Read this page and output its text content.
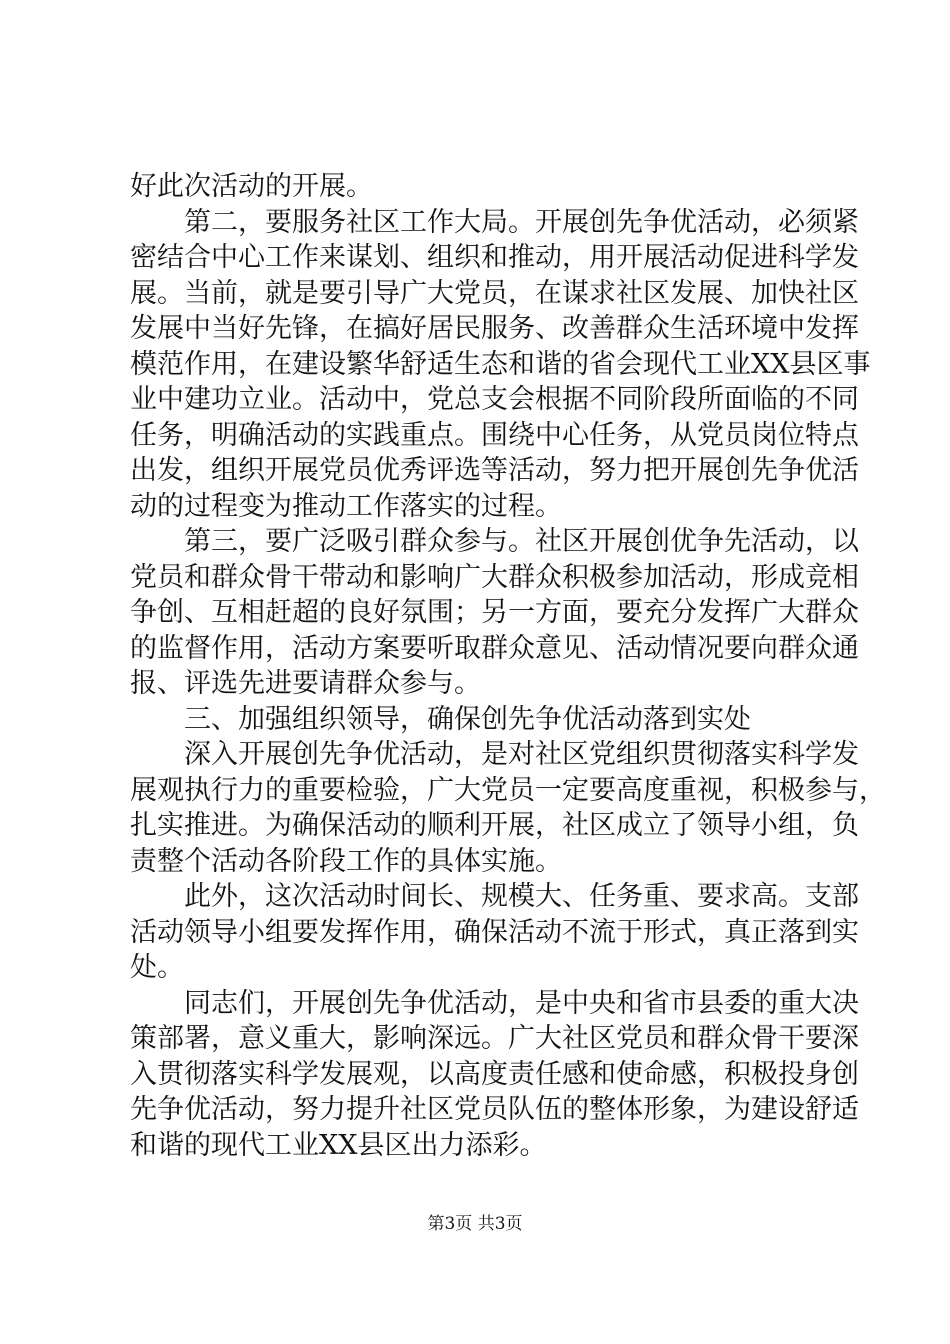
好此次活动的开展。
第二，要服务社区工作大局。开展创先争优活动，必须紧
密结合中心工作来谋划、组织和推动，用开展活动促进科学发
展。当前，就是要引导广大党员，在谋求社区发展、加快社区
发展中当好先锋，在搞好居民服务、改善群众生活环境中发挥
模范作用，在建设繁华舒适生态和谐的省会现代工业XX县区事
业中建功立业。活动中，党总支会根据不同阶段所面临的不同
任务，明确活动的实践重点。围绕中心任务，从党员岗位特点
出发，组织开展党员优秀评选等活动，努力把开展创先争优活
动的过程变为推动工作落实的过程。
第三，要广泛吸引群众参与。社区开展创优争先活动，以
党员和群众骨干带动和影响广大群众积极参加活动，形成竞相
争创、互相赶超的良好氛围；另一方面，要充分发挥广大群众
的监督作用，活动方案要听取群众意见、活动情况要向群众通
报、评选先进要请群众参与。
三、加强组织领导，确保创先争优活动落到实处
深入开展创先争优活动，是对社区党组织贯彻落实科学发
展观执行力的重要检验，广大党员一定要高度重视，积极参与，
扎实推进。为确保活动的顺利开展，社区成立了领导小组，负
责整个活动各阶段工作的具体实施。
此外，这次活动时间长、规模大、任务重、要求高。支部
活动领导小组要发挥作用，确保活动不流于形式，真正落到实
处。
同志们，开展创先争优活动，是中央和省市县委的重大决
策部署，意义重大，影响深远。广大社区党员和群众骨干要深
入贯彻落实科学发展观，以高度责任感和使命感，积极投身创
先争优活动，努力提升社区党员队伍的整体形象，为建设舒适
和谐的现代工业XX县区出力添彩。
第3页 共3页
